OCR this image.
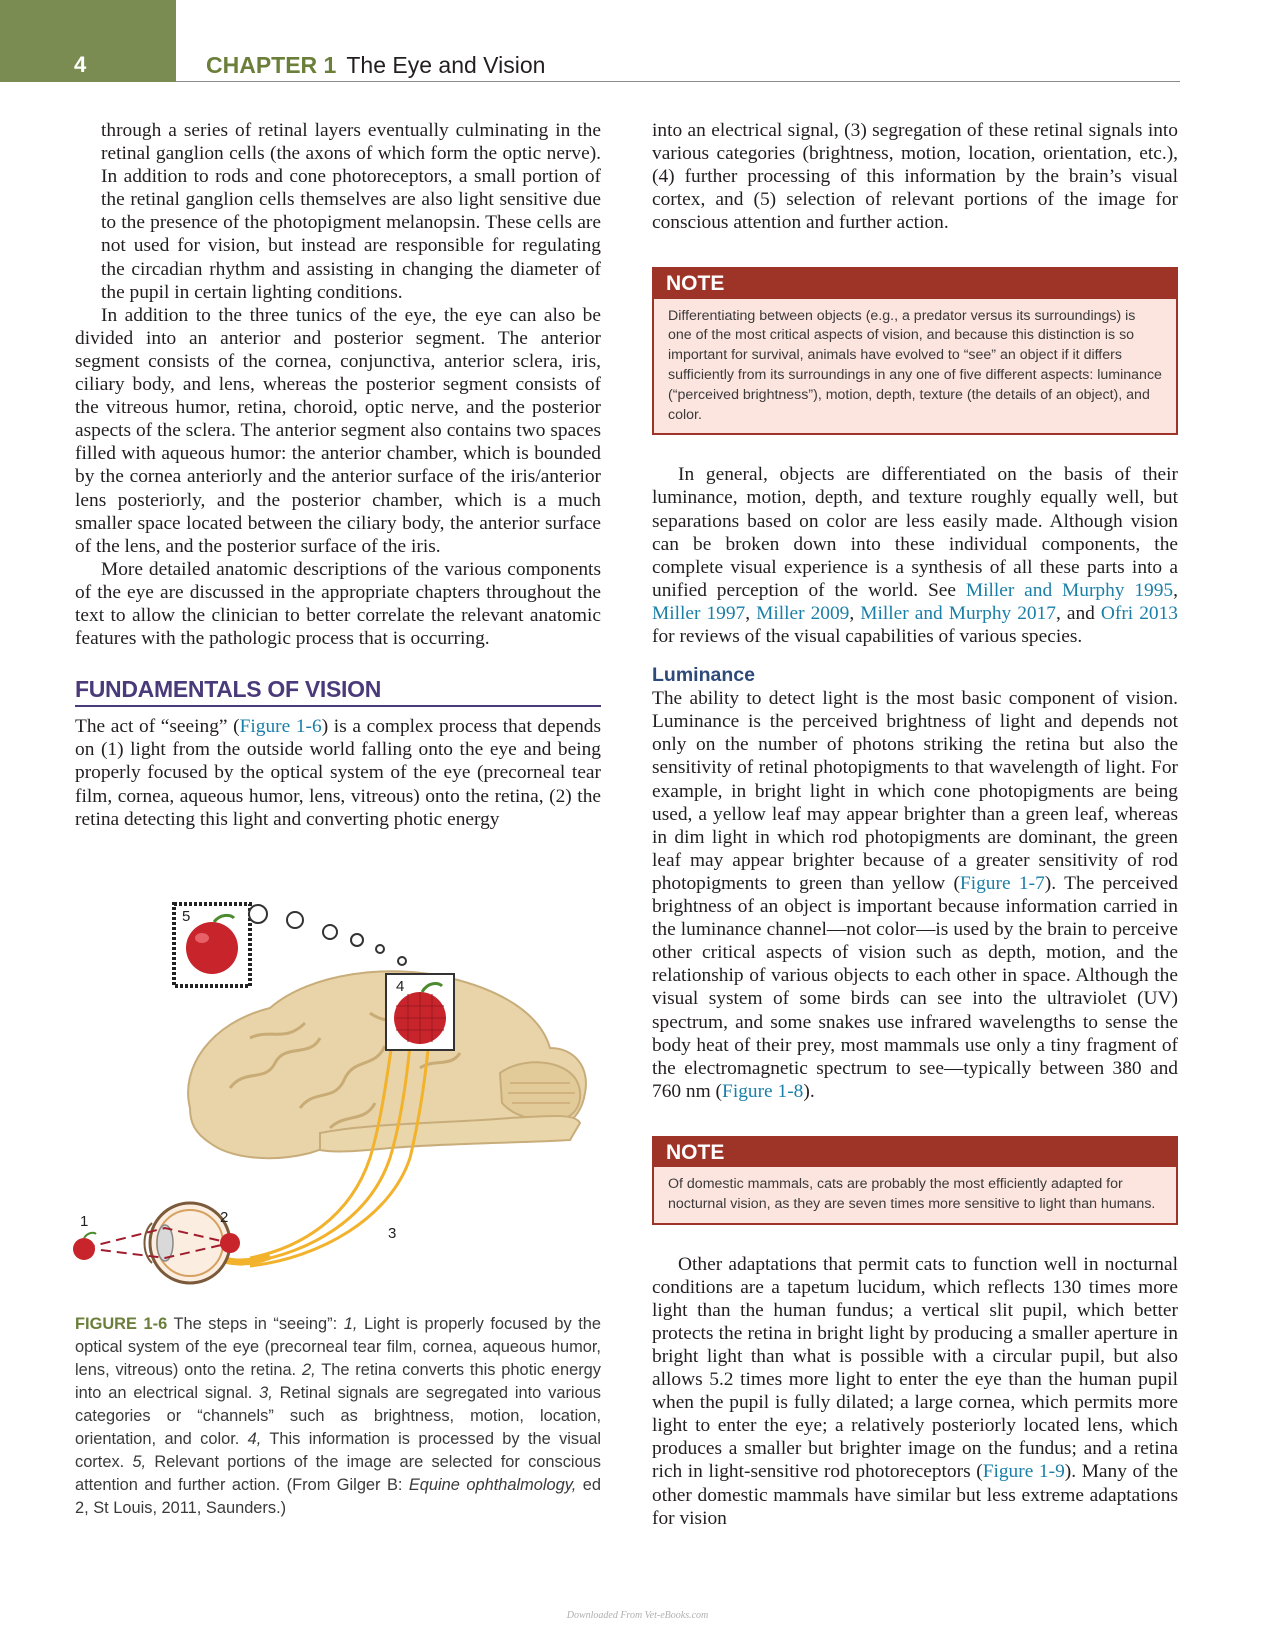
4	CHAPTER 1 The Eye and Vision

through a series of retinal layers eventually culminating in the retinal ganglion cells (the axons of which form the optic nerve). In addition to rods and cone photoreceptors, a small portion of the retinal ganglion cells themselves are also light sensitive due to the presence of the photopigment melanopsin. These cells are not used for vision, but instead are responsible for regulating the circadian rhythm and assisting in changing the diameter of the pupil in certain lighting conditions.

In addition to the three tunics of the eye, the eye can also be divided into an anterior and posterior segment. The anterior segment consists of the cornea, conjunctiva, anterior sclera, iris, ciliary body, and lens, whereas the posterior segment consists of the vitreous humor, retina, choroid, optic nerve, and the posterior aspects of the sclera. The anterior segment also contains two spaces filled with aqueous humor: the anterior chamber, which is bounded by the cornea anteriorly and the anterior surface of the iris/anterior lens posteriorly, and the posterior chamber, which is a much smaller space located between the ciliary body, the anterior surface of the lens, and the posterior surface of the iris.

More detailed anatomic descriptions of the various components of the eye are discussed in the appropriate chapters throughout the text to allow the clinician to better correlate the relevant anatomic features with the pathologic process that is occurring.

FUNDAMENTALS OF VISION

The act of “seeing” (Figure 1-6) is a complex process that depends on (1) light from the outside world falling onto the eye and being properly focused by the optical system of the eye (precorneal tear film, cornea, aqueous humor, lens, vitreous) onto the retina, (2) the retina detecting this light and converting photic energy

1	2
3
4
5
FIGURE 1-6 The steps in “seeing”: 1, Light is properly focused by the optical system of the eye (precorneal tear film, cornea, aqueous humor, lens, vitreous) onto the retina. 2, The retina converts this photic energy into an electrical signal. 3, Retinal signals are segregated into various categories or “channels” such as brightness, motion, location, orientation, and color. 4, This information is processed by the visual cortex. 5, Relevant portions of the image are selected for conscious attention and further action. (From Gilger B: Equine ophthalmology, ed 2, St Louis, 2011, Saunders.)

into an electrical signal, (3) segregation of these retinal signals into various categories (brightness, motion, location, orientation, etc.), (4) further processing of this information by the brain’s visual cortex, and (5) selection of relevant portions of the image for conscious attention and further action.

NOTE
Differentiating between objects (e.g., a predator versus its surroundings) is one of the most critical aspects of vision, and because this distinction is so important for survival, animals have evolved to “see” an object if it differs sufficiently from its surroundings in any one of five different aspects: luminance (“perceived brightness”), motion, depth, texture (the details of an object), and color.

In general, objects are differentiated on the basis of their luminance, motion, depth, and texture roughly equally well, but separations based on color are less easily made. Although vision can be broken down into these individual components, the complete visual experience is a synthesis of all these parts into a unified perception of the world. See Miller and Murphy 1995, Miller 1997, Miller 2009, Miller and Murphy 2017, and Ofri 2013 for reviews of the visual capabilities of various species.

Luminance

The ability to detect light is the most basic component of vision. Luminance is the perceived brightness of light and depends not only on the number of photons striking the retina but also the sensitivity of retinal photopigments to that wavelength of light. For example, in bright light in which cone photopigments are being used, a yellow leaf may appear brighter than a green leaf, whereas in dim light in which rod photopigments are dominant, the green leaf may appear brighter because of a greater sensitivity of rod photopigments to green than yellow (Figure 1-7). The perceived brightness of an object is important because information carried in the luminance channel—not color—is used by the brain to perceive other critical aspects of vision such as depth, motion, and the relationship of various objects to each other in space. Although the visual system of some birds can see into the ultraviolet (UV) spectrum, and some snakes use infrared wavelengths to sense the body heat of their prey, most mammals use only a tiny fragment of the electromagnetic spectrum to see—typically between 380 and 760 nm (Figure 1-8).

NOTE
Of domestic mammals, cats are probably the most efficiently adapted for nocturnal vision, as they are seven times more sensitive to light than humans.

Other adaptations that permit cats to function well in nocturnal conditions are a tapetum lucidum, which reflects 130 times more light than the human fundus; a vertical slit pupil, which better protects the retina in bright light by producing a smaller aperture in bright light than what is possible with a circular pupil, but also allows 5.2 times more light to enter the eye than the human pupil when the pupil is fully dilated; a large cornea, which permits more light to enter the eye; a relatively posteriorly located lens, which produces a smaller but brighter image on the fundus; and a retina rich in light-sensitive rod photoreceptors (Figure 1-9). Many of the other domestic mammals have similar but less extreme adaptations for vision

Downloaded From Vet-eBooks.com
